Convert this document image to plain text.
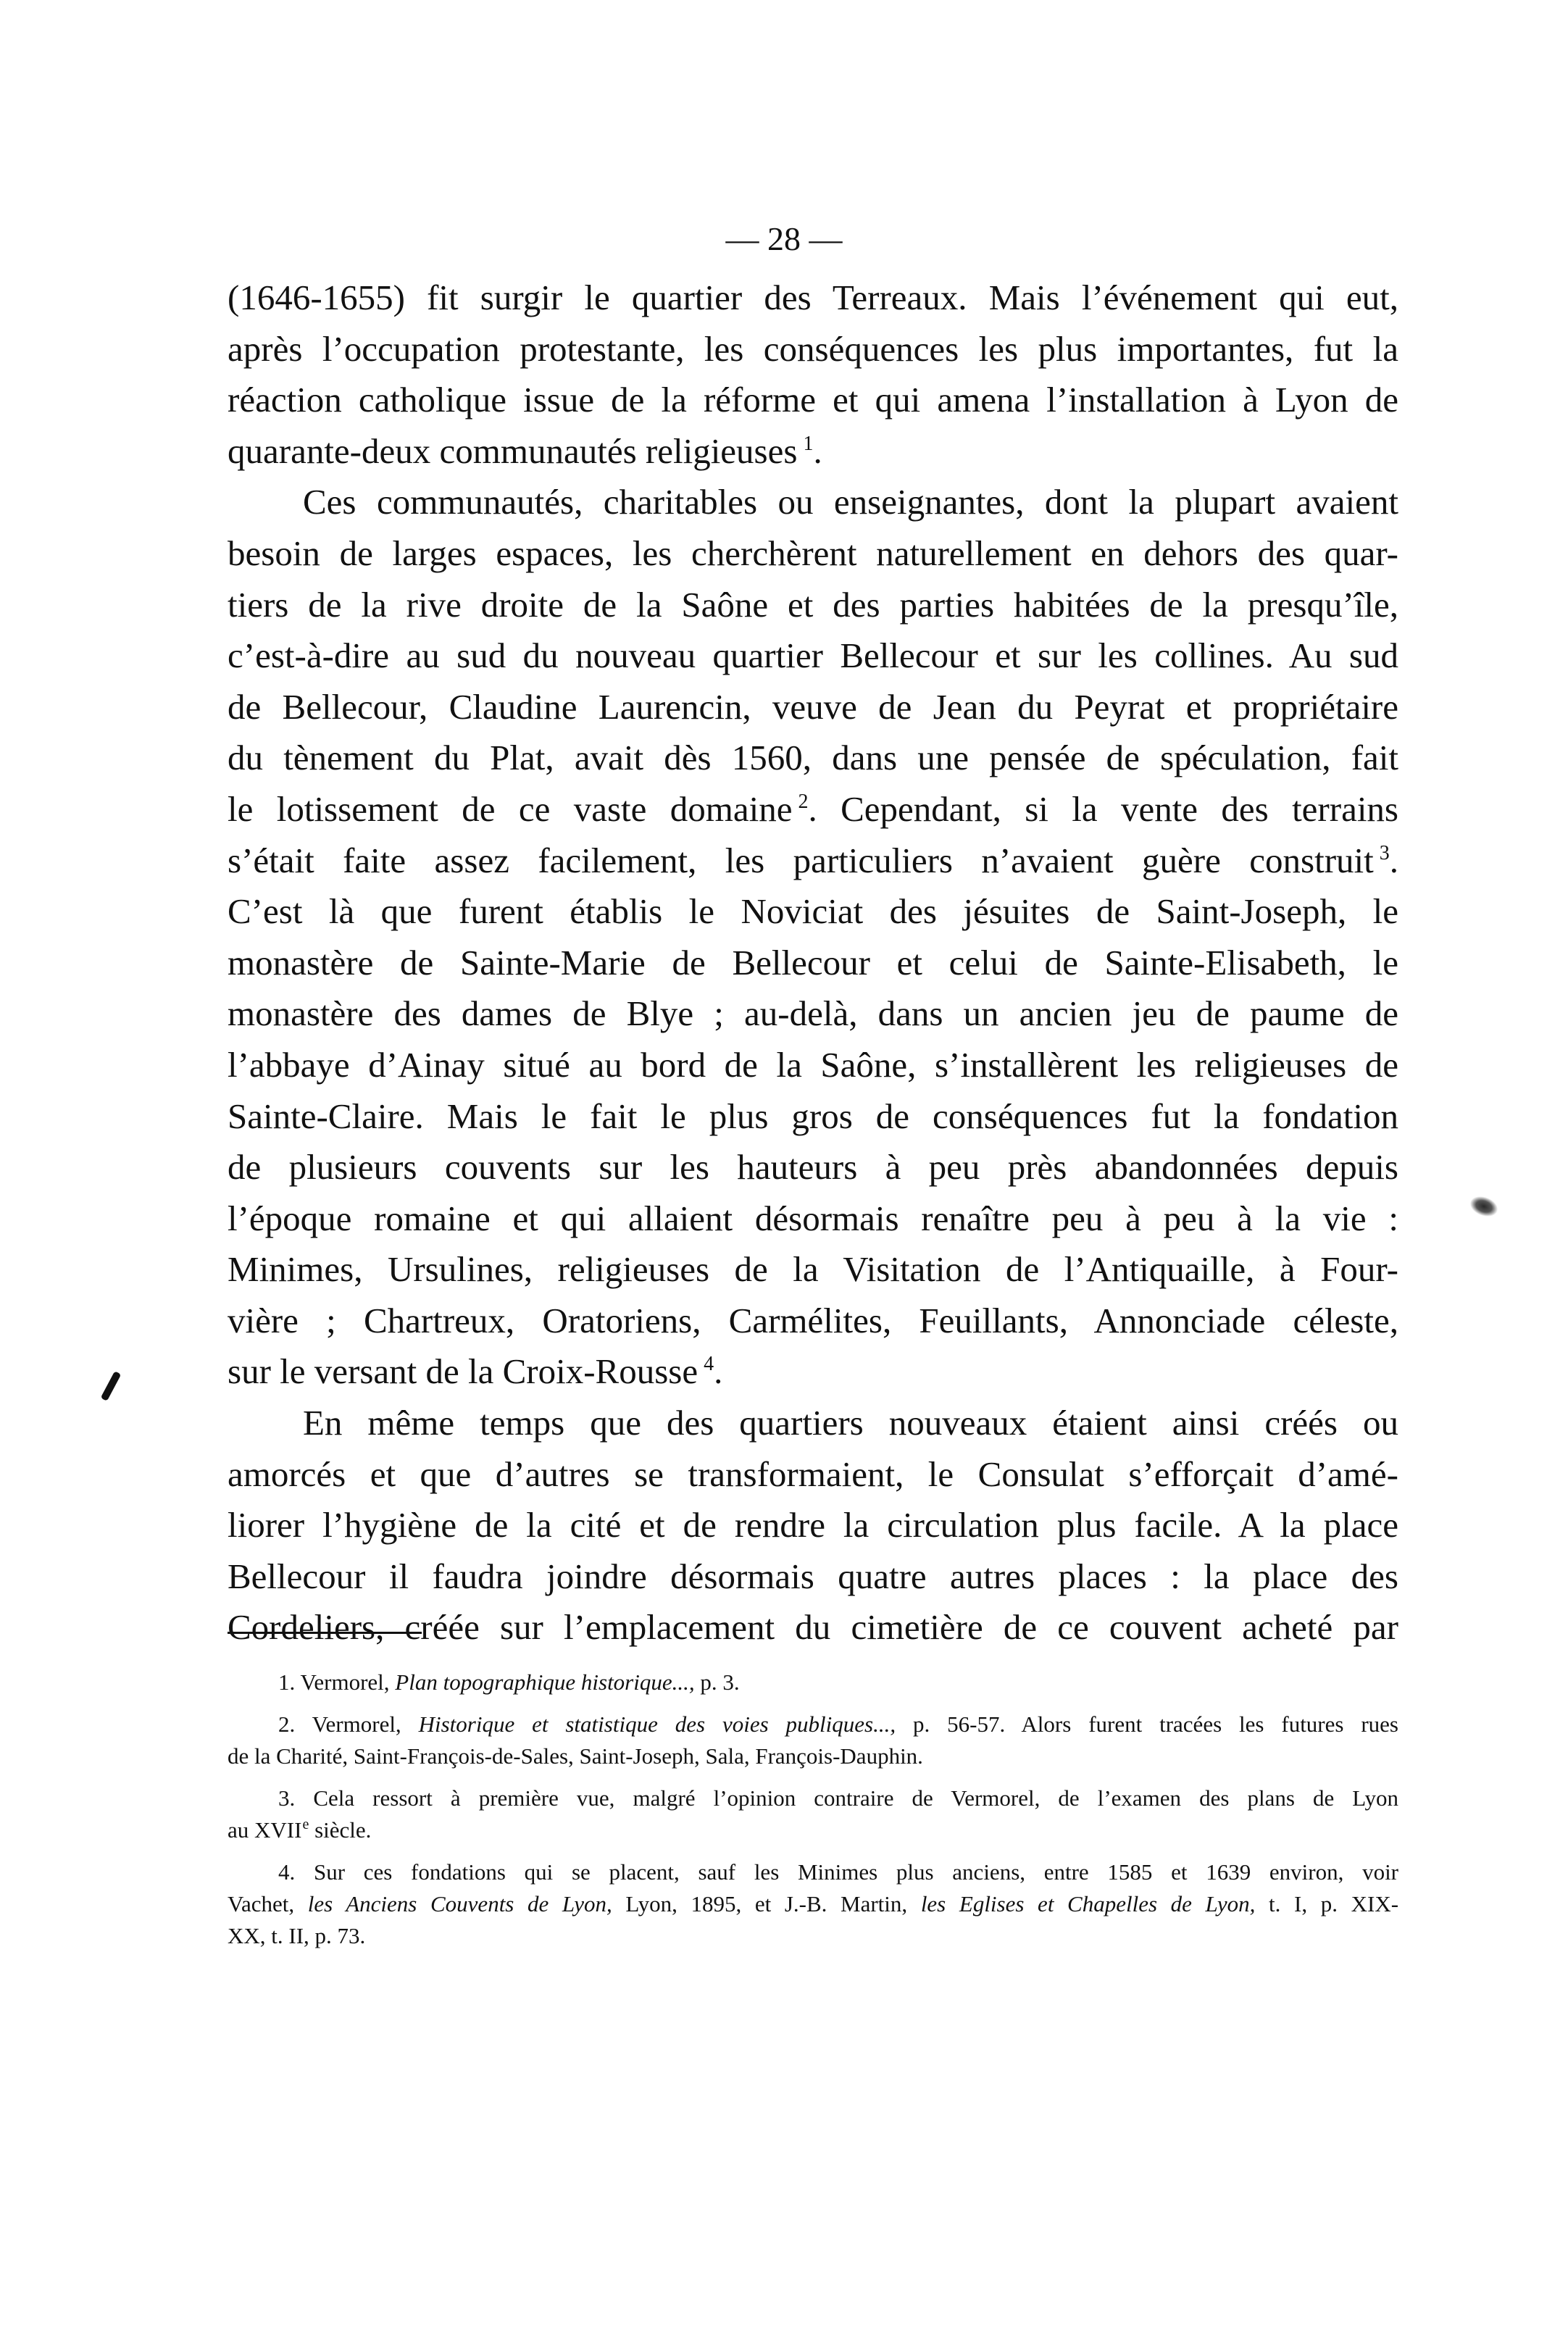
— 28 —

(1646-1655) fit surgir le quartier des Terreaux. Mais l’événement qui eut,
après l’occupation protestante, les conséquences les plus importantes, fut la
réaction catholique issue de la réforme et qui amena l’installation à Lyon de
quarante-deux communautés religieuses $^1$.

Ces communautés, charitables ou enseignantes, dont la plupart avaient
besoin de larges espaces, les cherchèrent naturellement en dehors des quar-
tiers de la rive droite de la Saône et des parties habitées de la presqu’île,
c’est-à-dire au sud du nouveau quartier Bellecour et sur les collines. Au sud
de Bellecour, Claudine Laurencin, veuve de Jean du Peyrat et propriétaire
du tènement du Plat, avait dès 1560, dans une pensée de spéculation, fait
le lotissement de ce vaste domaine $^2$. Cependant, si la vente des terrains
s’était faite assez facilement, les particuliers n’avaient guère construit $^3$.
C’est là que furent établis le Noviciat des jésuites de Saint-Joseph, le
monastère de Sainte-Marie de Bellecour et celui de Sainte-Elisabeth, le
monastère des dames de Blye ; au-delà, dans un ancien jeu de paume de
l’abbaye d’Ainay situé au bord de la Saône, s’installèrent les religieuses de
Sainte-Claire. Mais le fait le plus gros de conséquences fut la fondation
de plusieurs couvents sur les hauteurs à peu près abandonnées depuis
l’époque romaine et qui allaient désormais renaître peu à peu à la vie :
Minimes, Ursulines, religieuses de la Visitation de l’Antiquaille, à Four-
vière ; Chartreux, Oratoriens, Carmélites, Feuillants, Annonciade céleste,
sur le versant de la Croix-Rousse $^4$.

En même temps que des quartiers nouveaux étaient ainsi créés ou
amorcés et que d’autres se transformaient, le Consulat s’efforçait d’amé-
liorer l’hygiène de la cité et de rendre la circulation plus facile. A la place
Bellecour il faudra joindre désormais quatre autres places : la place des
Cordeliers, créée sur l’emplacement du cimetière de ce couvent acheté par

1. Vermorel, Plan topographique historique..., p. 3.

2. Vermorel, Historique et statistique des voies publiques..., p. 56-57. Alors furent tracées les futures rues
de la Charité, Saint-François-de-Sales, Saint-Joseph, Sala, François-Dauphin.

3. Cela ressort à première vue, malgré l’opinion contraire de Vermorel, de l’examen des plans de Lyon
au XVIIe siècle.

4. Sur ces fondations qui se placent, sauf les Minimes plus anciens, entre 1585 et 1639 environ, voir
Vachet, les Anciens Couvents de Lyon, Lyon, 1895, et J.-B. Martin, les Eglises et Chapelles de Lyon, t. I, p. XIX-
XX, t. II, p. 73.
